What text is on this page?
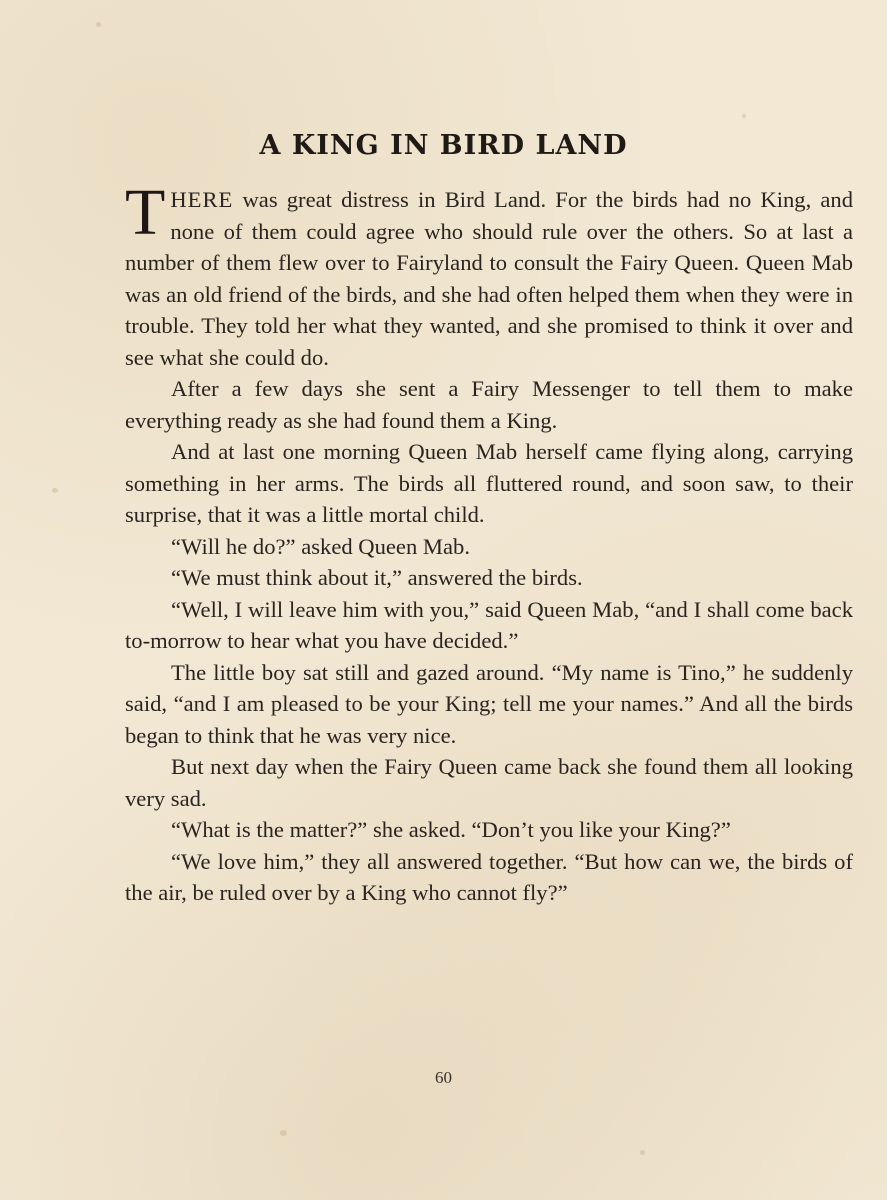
A KING IN BIRD LAND

THERE was great distress in Bird Land. For the birds had no King, and none of them could agree who should rule over the others. So at last a number of them flew over to Fairyland to consult the Fairy Queen. Queen Mab was an old friend of the birds, and she had often helped them when they were in trouble. They told her what they wanted, and she promised to think it over and see what she could do.

After a few days she sent a Fairy Messenger to tell them to make everything ready as she had found them a King.

And at last one morning Queen Mab herself came flying along, carrying something in her arms. The birds all fluttered round, and soon saw, to their surprise, that it was a little mortal child.

“Will he do?” asked Queen Mab.

“We must think about it,” answered the birds.

“Well, I will leave him with you,” said Queen Mab, “and I shall come back to-morrow to hear what you have decided.”

The little boy sat still and gazed around. “My name is Tino,” he suddenly said, “and I am pleased to be your King; tell me your names.” And all the birds began to think that he was very nice.

But next day when the Fairy Queen came back she found them all looking very sad.

“What is the matter?” she asked. “Don’t you like your King?”

“We love him,” they all answered together. “But how can we, the birds of the air, be ruled over by a King who cannot fly?”

60
